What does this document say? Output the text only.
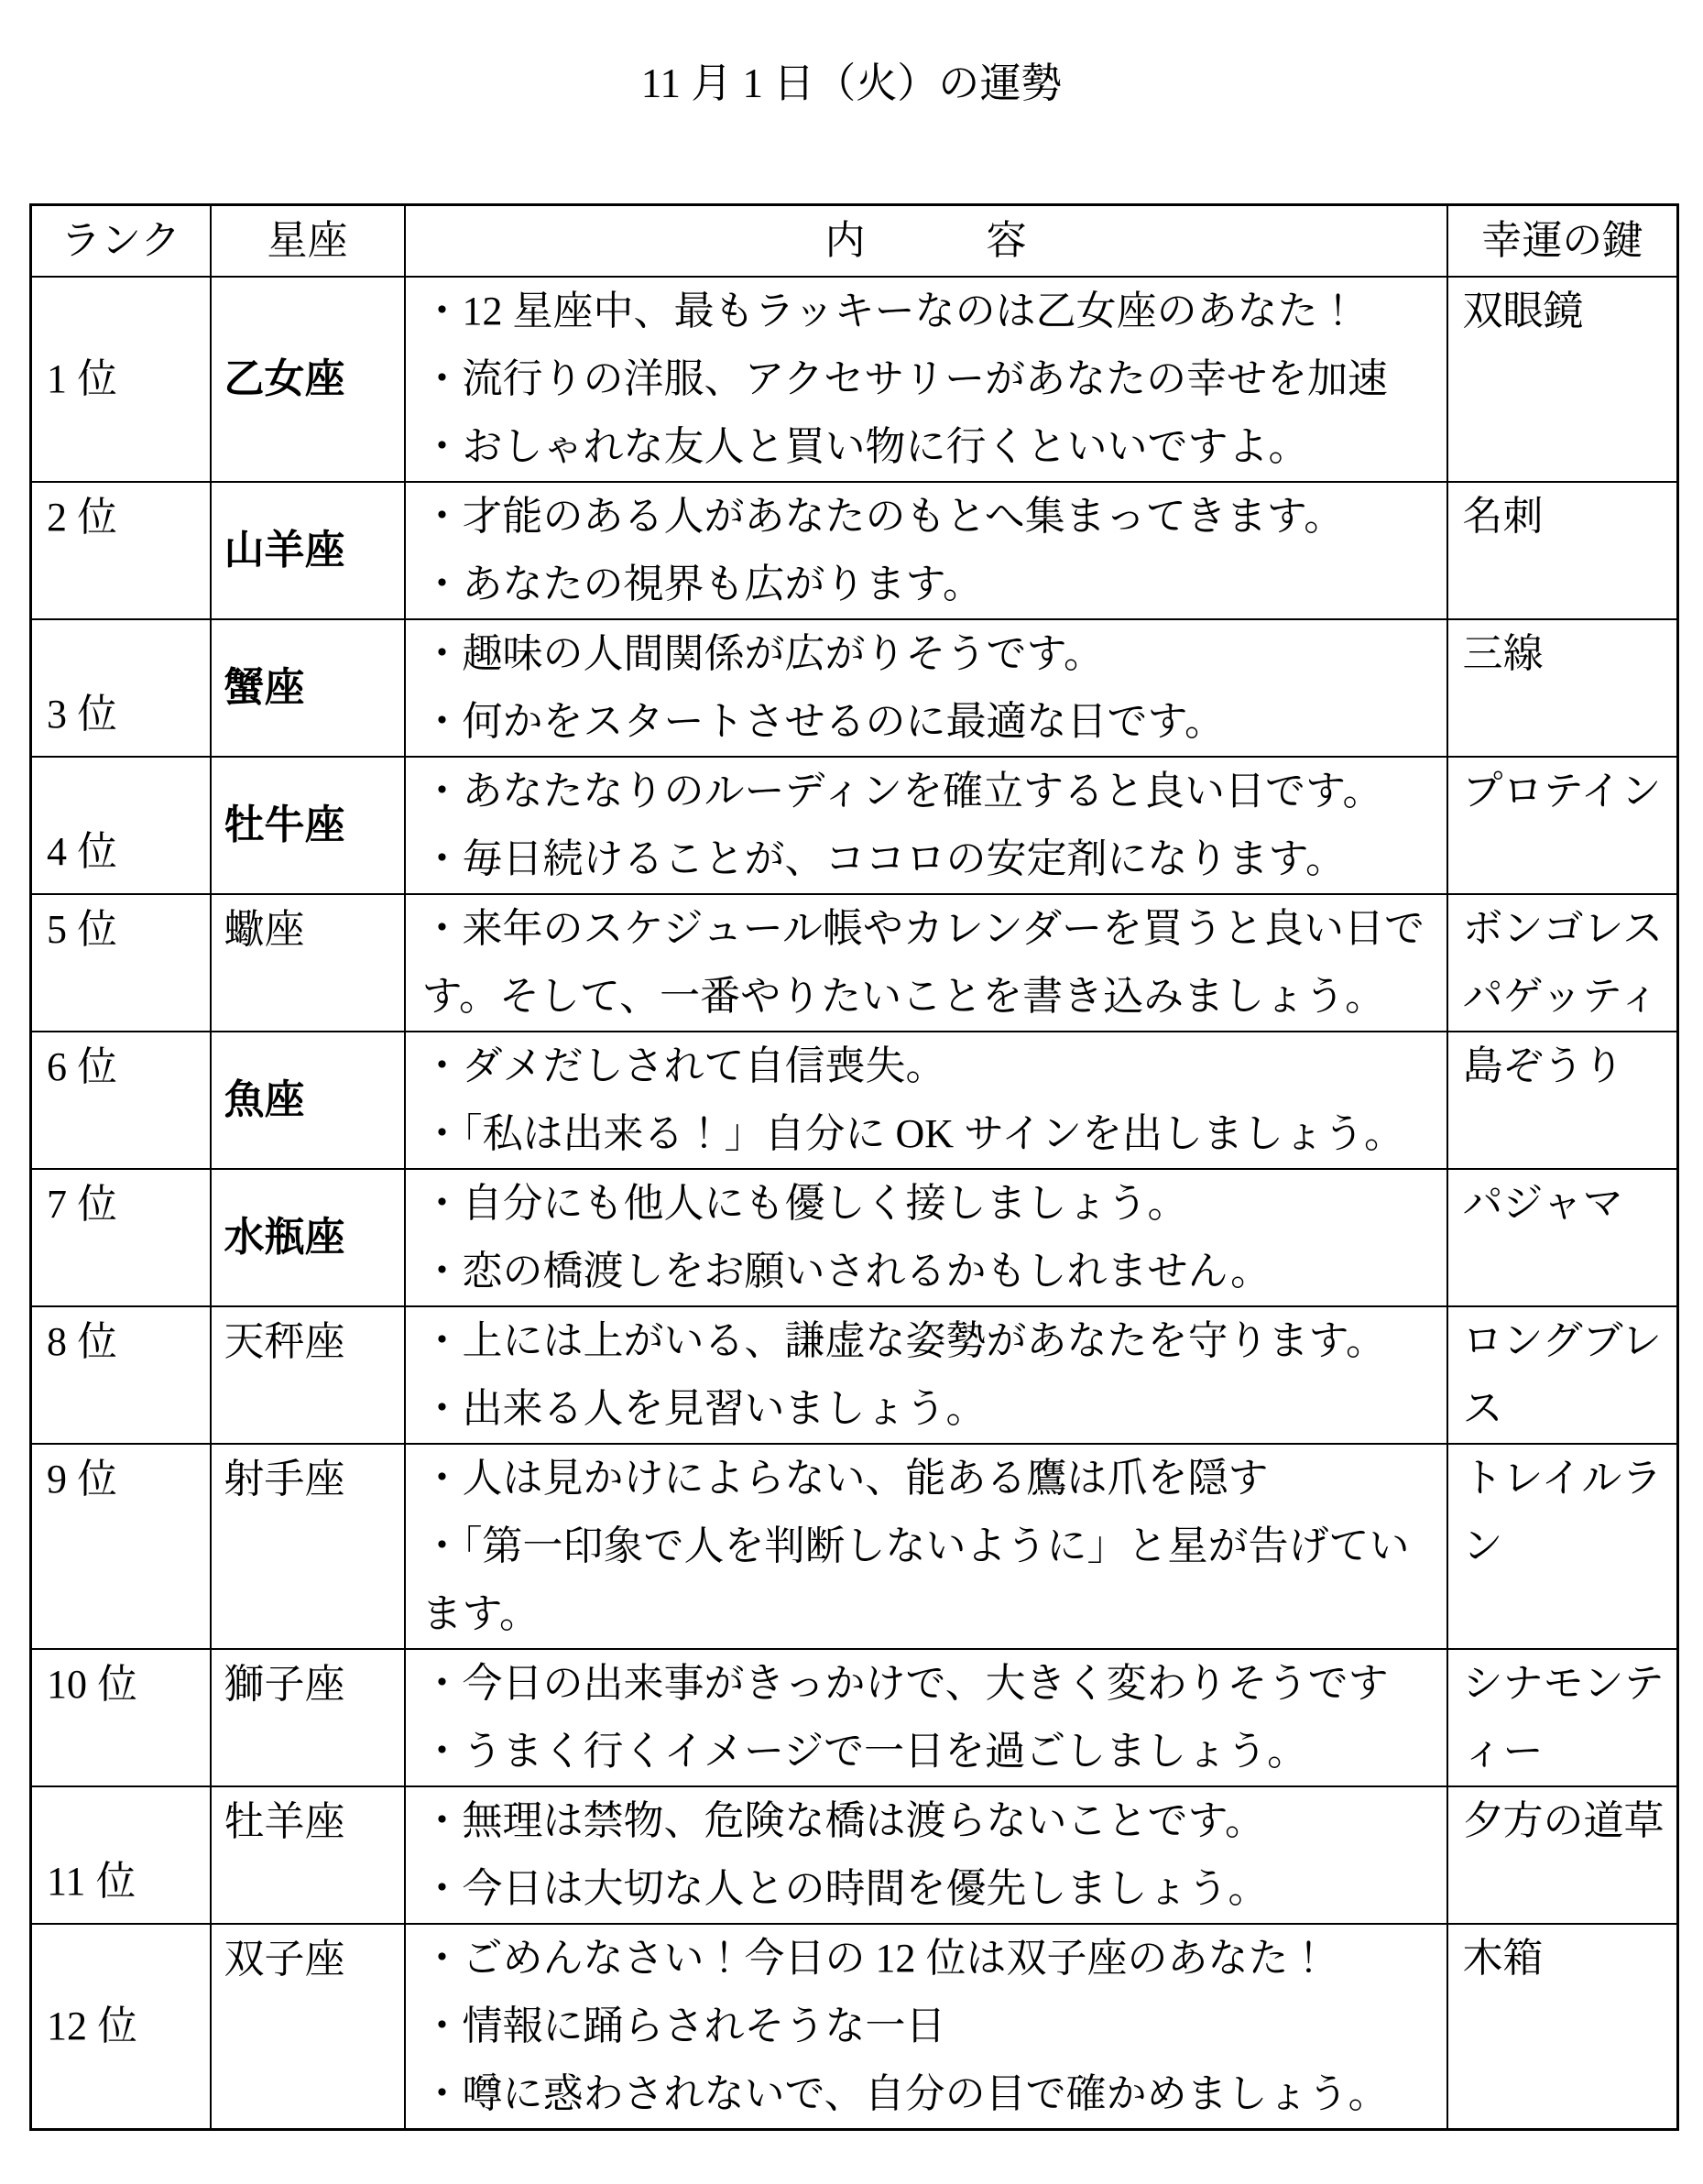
11 月 1 日（火）の運勢
ランク	星座	内　　　容	幸運の鍵
1 位	乙女座	・12 星座中、最もラッキーなのは乙女座のあなた！
・流行りの洋服、アクセサリーがあなたの幸せを加速
・おしゃれな友人と買い物に行くといいですよ。	双眼鏡
2 位	山羊座	・才能のある人があなたのもとへ集まってきます。
・あなたの視界も広がります。	名刺
3 位	蟹座	・趣味の人間関係が広がりそうです。
・何かをスタートさせるのに最適な日です。	三線
4 位	牡牛座	・あなたなりのルーディンを確立すると良い日です。
・毎日続けることが、ココロの安定剤になります。	プロテイン
5 位	蠍座	・来年のスケジュール帳やカレンダーを買うと良い日です。そして、一番やりたいことを書き込みましょう。	ボンゴレスパゲッティ
6 位	魚座	・ダメだしされて自信喪失。
・「私は出来る！」自分に OK サインを出しましょう。	島ぞうり
7 位	水瓶座	・自分にも他人にも優しく接しましょう。
・恋の橋渡しをお願いされるかもしれません。	パジャマ
8 位	天秤座	・上には上がいる、謙虚な姿勢があなたを守ります。
・出来る人を見習いましょう。	ロングブレス
9 位	射手座	・人は見かけによらない、能ある鷹は爪を隠す
・「第一印象で人を判断しないように」と星が告げています。	トレイルラン
10 位	獅子座	・今日の出来事がきっかけで、大きく変わりそうです
・うまく行くイメージで一日を過ごしましょう。	シナモンティー
11 位	牡羊座	・無理は禁物、危険な橋は渡らないことです。
・今日は大切な人との時間を優先しましょう。	夕方の道草
12 位	双子座	・ごめんなさい！今日の 12 位は双子座のあなた！
・情報に踊らされそうな一日
・噂に惑わされないで、自分の目で確かめましょう。	木箱
